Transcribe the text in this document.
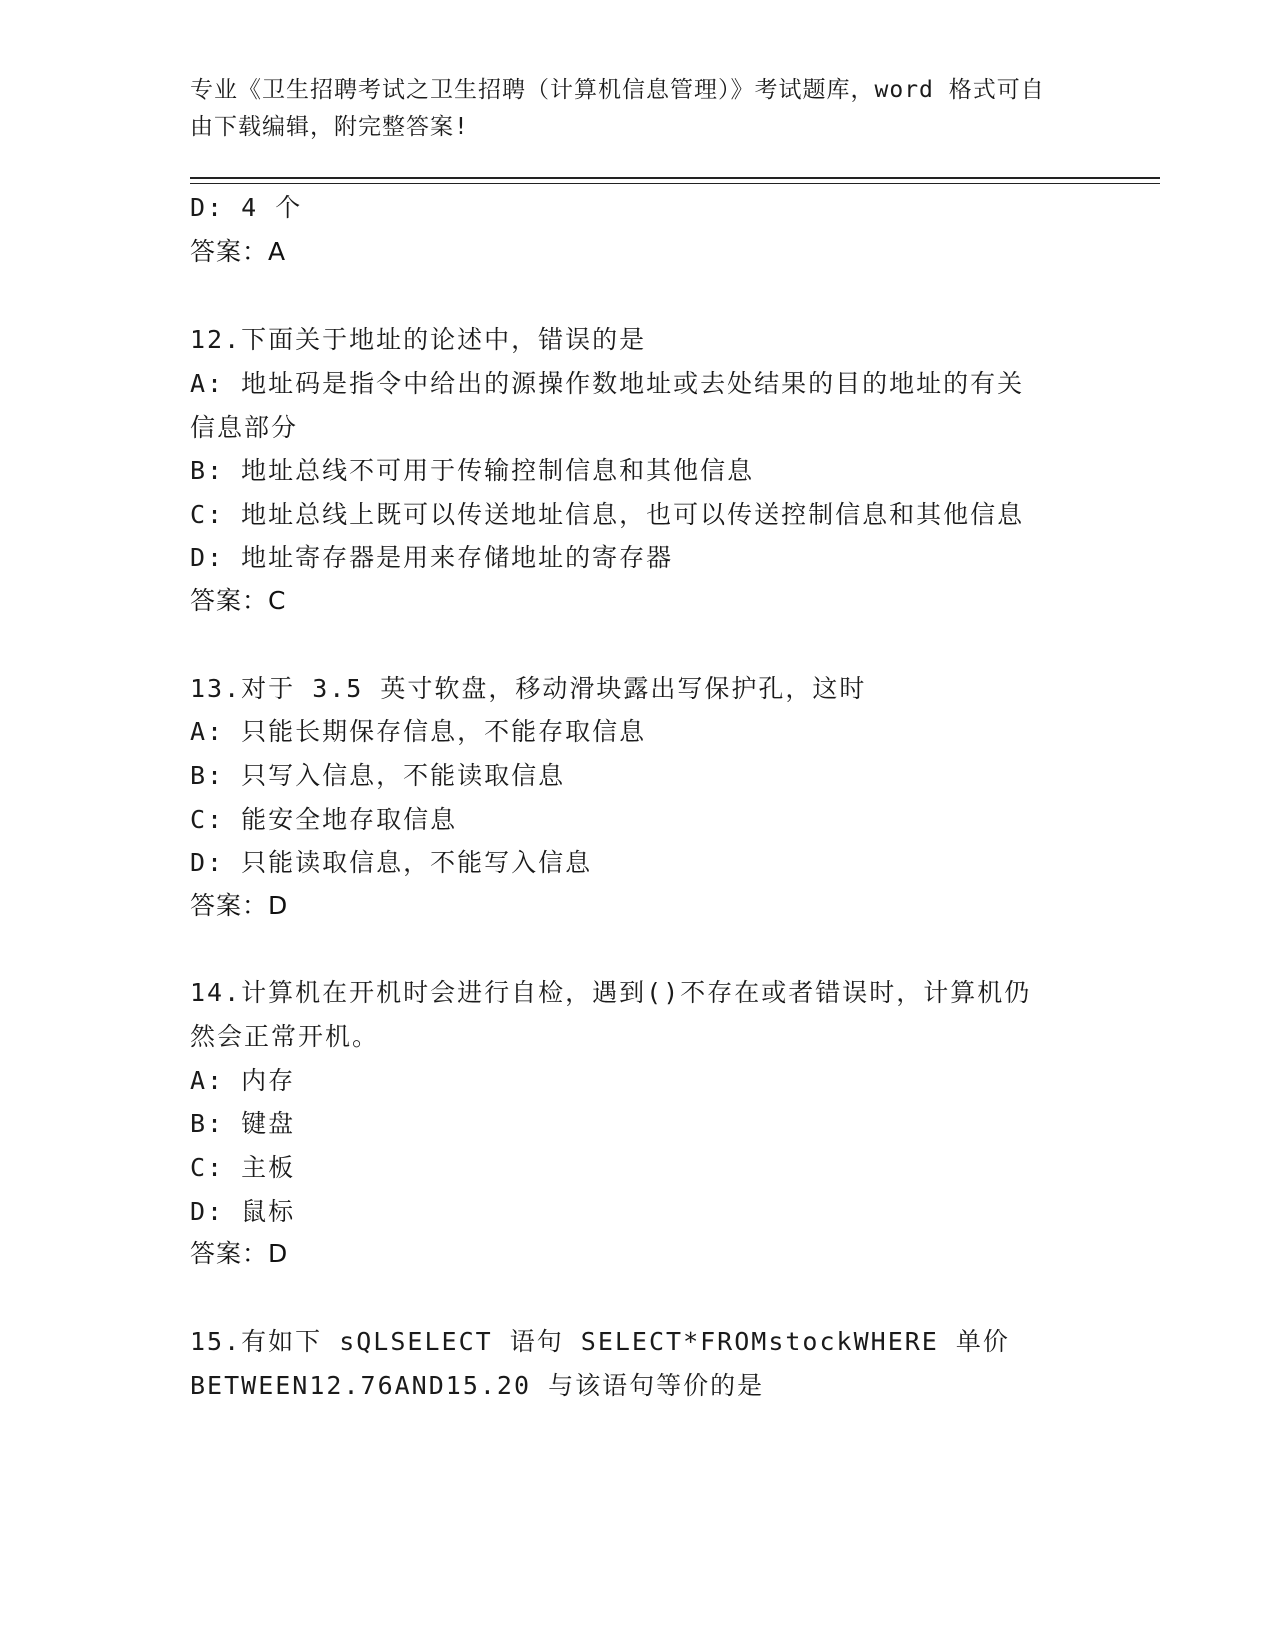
专业《卫生招聘考试之卫生招聘（计算机信息管理）》考试题库，word 格式可自
由下载编辑，附完整答案!
D: 4 个
答案：A
12.下面关于地址的论述中，错误的是
A: 地址码是指令中给出的源操作数地址或去处结果的目的地址的有关
信息部分
B: 地址总线不可用于传输控制信息和其他信息
C: 地址总线上既可以传送地址信息，也可以传送控制信息和其他信息
D: 地址寄存器是用来存储地址的寄存器
答案：C
13.对于 3.5 英寸软盘，移动滑块露出写保护孔，这时
A: 只能长期保存信息，不能存取信息
B: 只写入信息，不能读取信息
C: 能安全地存取信息
D: 只能读取信息，不能写入信息
答案：D
14.计算机在开机时会进行自检，遇到()不存在或者错误时，计算机仍
然会正常开机。
A: 内存
B: 键盘
C: 主板
D: 鼠标
答案：D
15.有如下 sQLSELECT 语句 SELECT*FROMstockWHERE 单价
BETWEEN12.76AND15.20 与该语句等价的是
